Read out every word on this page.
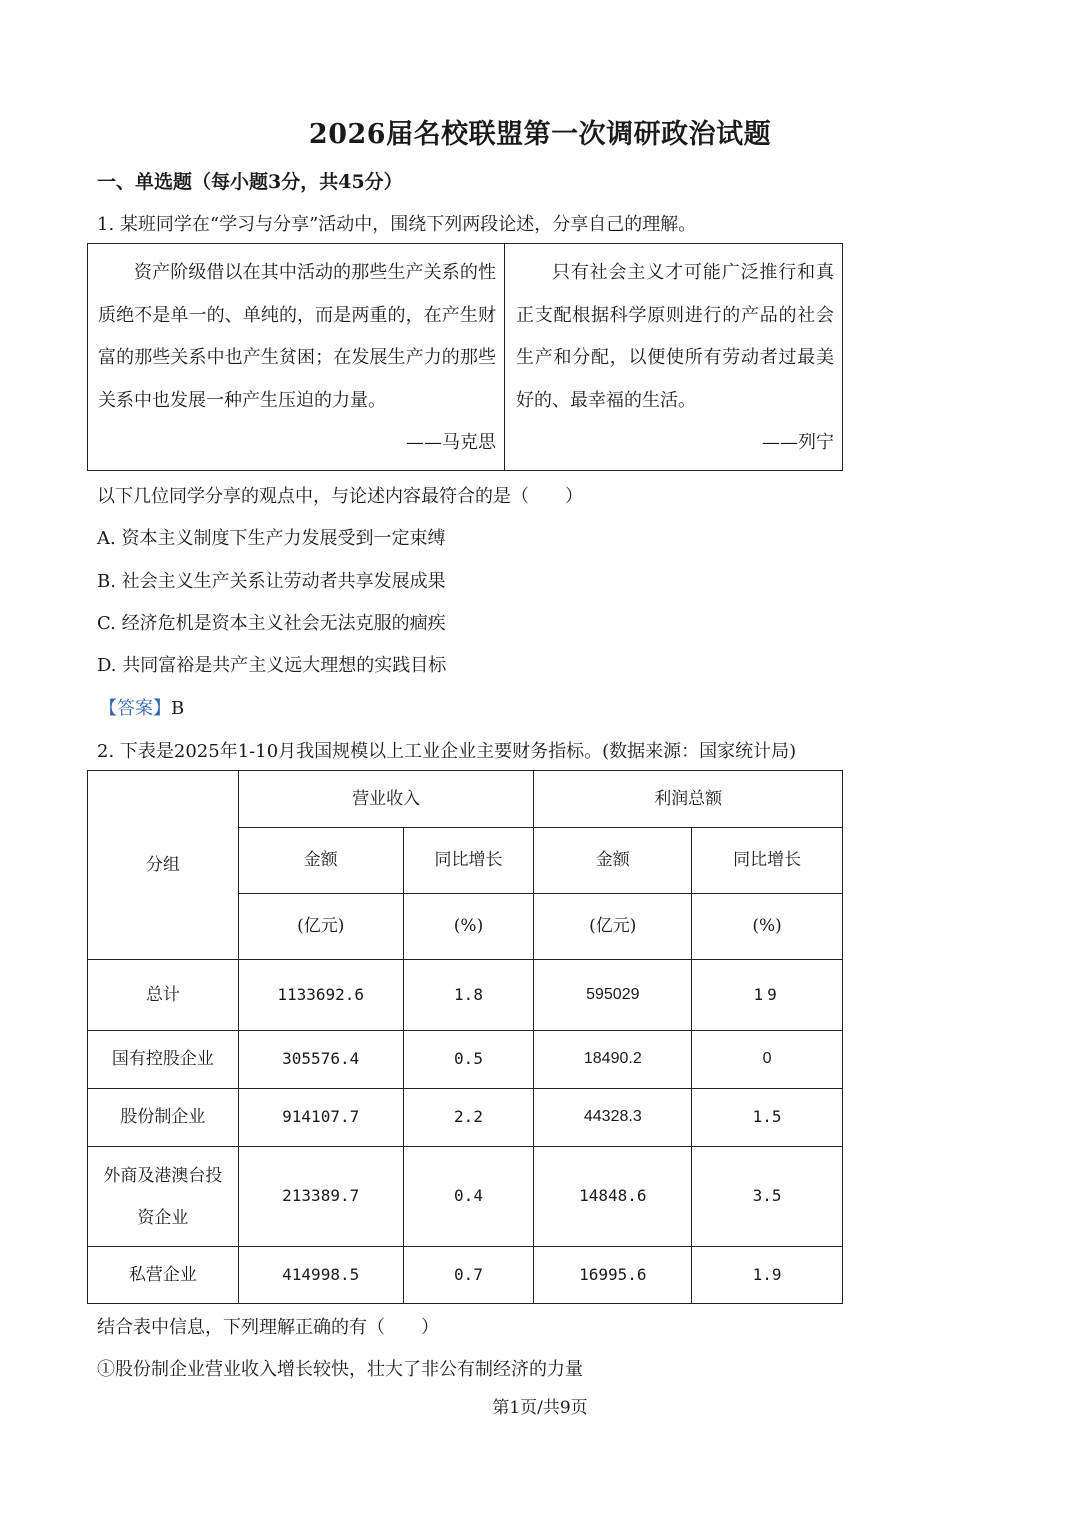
2026届名校联盟第一次调研政治试题
一、单选题（每小题3分，共45分）
1. 某班同学在“学习与分享”活动中，围绕下列两段论述，分享自己的理解。
资产阶级借以在其中活动的那些生产关系的性质绝不是单一的、单纯的，而是两重的，在产生财富的那些关系中也产生贫困；在发展生产力的那些关系中也发展一种产生压迫的力量。
——马克思
只有社会主义才可能广泛推行和真正支配根据科学原则进行的产品的社会生产和分配，以便使所有劳动者过最美好的、最幸福的生活。
——列宁
以下几位同学分享的观点中，与论述内容最符合的是（　　）
A. 资本主义制度下生产力发展受到一定束缚
B. 社会主义生产关系让劳动者共享发展成果
C. 经济危机是资本主义社会无法克服的痼疾
D. 共同富裕是共产主义远大理想的实践目标
【答案】B
2. 下表是2025年1-10月我国规模以上工业企业主要财务指标。(数据来源：国家统计局)
分组	营业收入		利润总额	
	金额	同比增长	金额	同比增长
	(亿元)	(%)	(亿元)	(%)
总计	1133692.6	1.8	595029	19
国有控股企业	305576.4	0.5	18490.2	0
股份制企业	914107.7	2.2	44328.3	1.5
外商及港澳台投资企业	213389.7	0.4	14848.6	3.5
私营企业	414998.5	0.7	16995.6	1.9
结合表中信息，下列理解正确的有（　　）
①股份制企业营业收入增长较快，壮大了非公有制经济的力量
第1页/共9页
